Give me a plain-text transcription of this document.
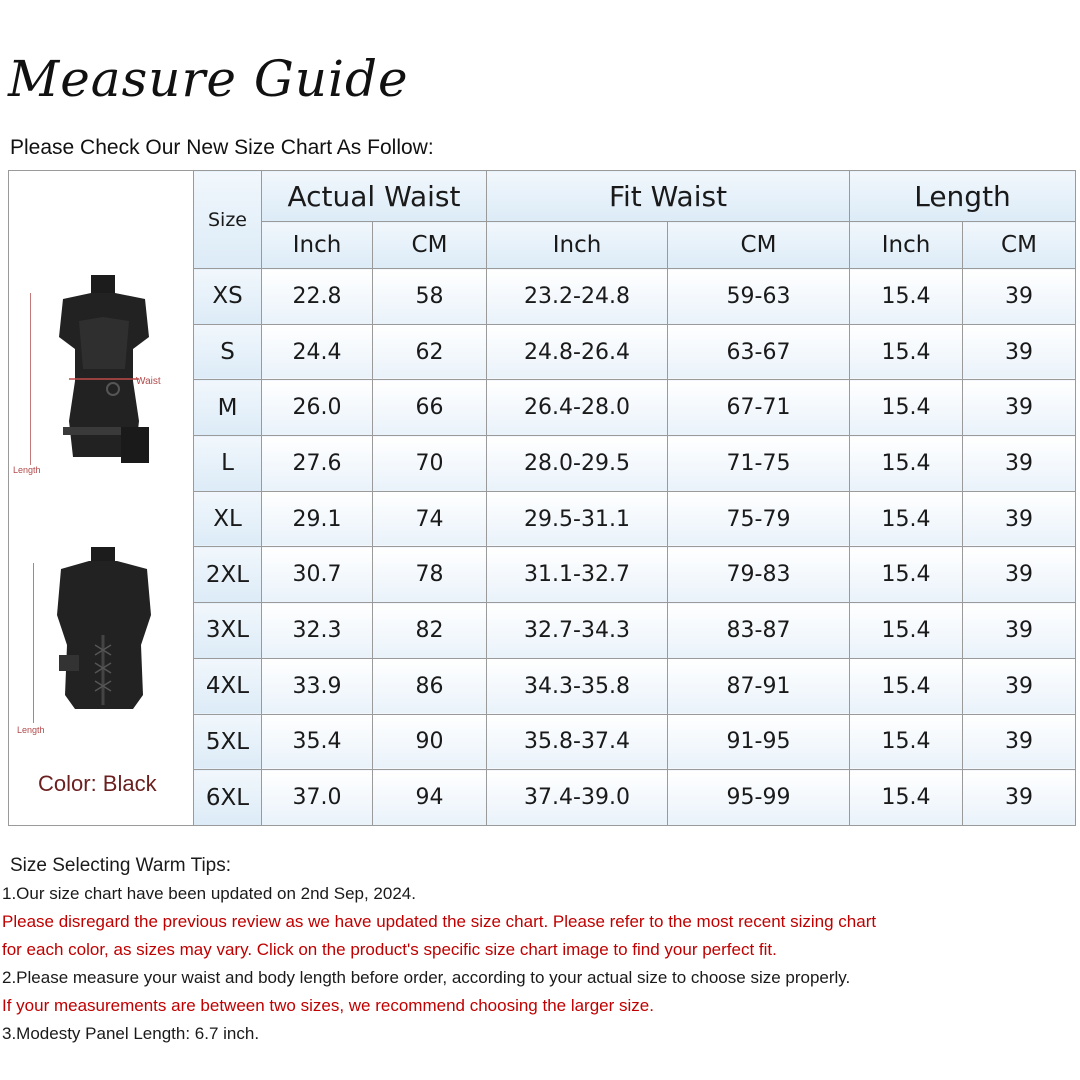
Measure Guide
Please Check Our New Size Chart As Follow:
Length
Waist
Length
Color: Black
Size	Actual Waist		Fit Waist		Length	
	Inch	CM	Inch	CM	Inch	CM
XS	22.8	58	23.2-24.8	59-63	15.4	39
S	24.4	62	24.8-26.4	63-67	15.4	39
M	26.0	66	26.4-28.0	67-71	15.4	39
L	27.6	70	28.0-29.5	71-75	15.4	39
XL	29.1	74	29.5-31.1	75-79	15.4	39
2XL	30.7	78	31.1-32.7	79-83	15.4	39
3XL	32.3	82	32.7-34.3	83-87	15.4	39
4XL	33.9	86	34.3-35.8	87-91	15.4	39
5XL	35.4	90	35.8-37.4	91-95	15.4	39
6XL	37.0	94	37.4-39.0	95-99	15.4	39
Size Selecting Warm Tips:
1.Our size chart have been updated on 2nd Sep, 2024.
Please disregard the previous review as we have updated the size chart. Please refer to the most recent sizing chart
for each color, as sizes may vary. Click on the product's specific size chart image to find your perfect fit.
2.Please measure your waist and body length before order, according to your actual size to choose size properly.
If your measurements are between two sizes, we recommend choosing the larger size.
3.Modesty Panel Length: 6.7 inch.
